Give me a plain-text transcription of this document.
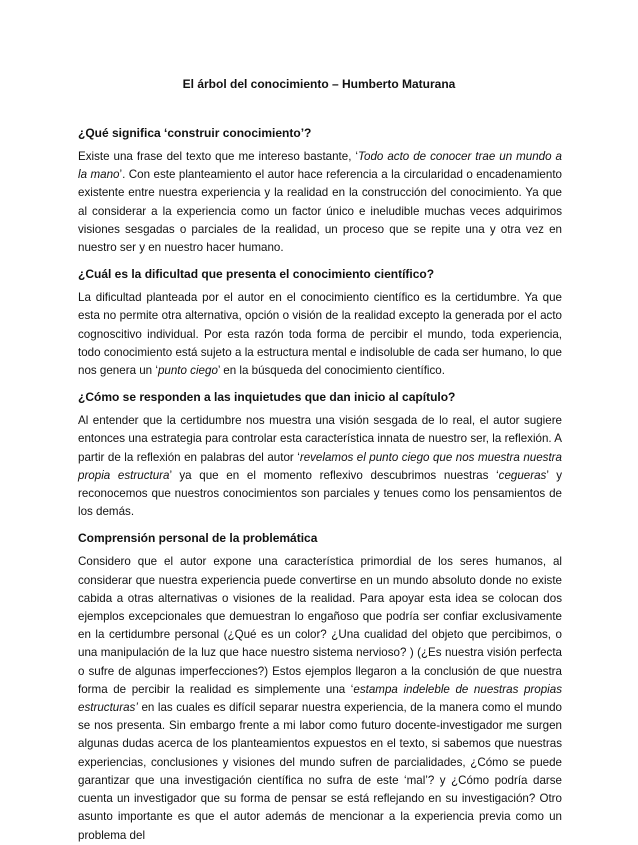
El árbol del conocimiento – Humberto Maturana
¿Qué significa ‘construir conocimiento’?

Existe una frase del texto que me intereso bastante, ‘Todo acto de conocer trae un mundo a la mano’. Con este planteamiento el autor hace referencia a la circularidad o encadenamiento existente entre nuestra experiencia y la realidad en la construcción del conocimiento. Ya que al considerar a la experiencia como un factor único e ineludible muchas veces adquirimos visiones sesgadas o parciales de la realidad, un proceso que se repite una y otra vez en nuestro ser y en nuestro hacer humano.

¿Cuál es la dificultad que presenta el conocimiento científico?

La dificultad planteada por el autor en el conocimiento científico es la certidumbre. Ya que esta no permite otra alternativa, opción o visión de la realidad excepto la generada por el acto cognoscitivo individual. Por esta razón toda forma de percibir el mundo, toda experiencia, todo conocimiento está sujeto a la estructura mental e indisoluble de cada ser humano, lo que nos genera un ‘punto ciego’ en la búsqueda del conocimiento científico.

¿Cómo se responden a las inquietudes que dan inicio al capítulo?

Al entender que la certidumbre nos muestra una visión sesgada de lo real, el autor sugiere entonces una estrategia para controlar esta característica innata de nuestro ser, la reflexión. A partir de la reflexión en palabras del autor ‘revelamos el punto ciego que nos muestra nuestra propia estructura’ ya que en el momento reflexivo descubrimos nuestras ‘cegueras’ y reconocemos que nuestros conocimientos son parciales y tenues como los pensamientos de los demás.

Comprensión personal de la problemática

Considero que el autor expone una característica primordial de los seres humanos, al considerar que nuestra experiencia puede convertirse en un mundo absoluto donde no existe cabida a otras alternativas o visiones de la realidad. Para apoyar esta idea se colocan dos ejemplos excepcionales que demuestran lo engañoso que podría ser confiar exclusivamente en la certidumbre personal (¿Qué es un color? ¿Una cualidad del objeto que percibimos, o una manipulación de la luz que hace nuestro sistema nervioso? ) (¿Es nuestra visión perfecta o sufre de algunas imperfecciones?) Estos ejemplos llegaron a la conclusión de que nuestra forma de percibir la realidad es simplemente una ‘estampa indeleble de nuestras propias estructuras’ en las cuales es difícil separar nuestra experiencia, de la manera como el mundo se nos presenta. Sin embargo frente a mi labor como futuro docente-investigador me surgen algunas dudas acerca de los planteamientos expuestos en el texto, si sabemos que nuestras experiencias, conclusiones y visiones del mundo sufren de parcialidades, ¿Cómo se puede garantizar que una investigación científica no sufra de este ‘mal’? y ¿Cómo podría darse cuenta un investigador que su forma de pensar se está reflejando en su investigación? Otro asunto importante es que el autor además de mencionar a la experiencia previa como un problema del
